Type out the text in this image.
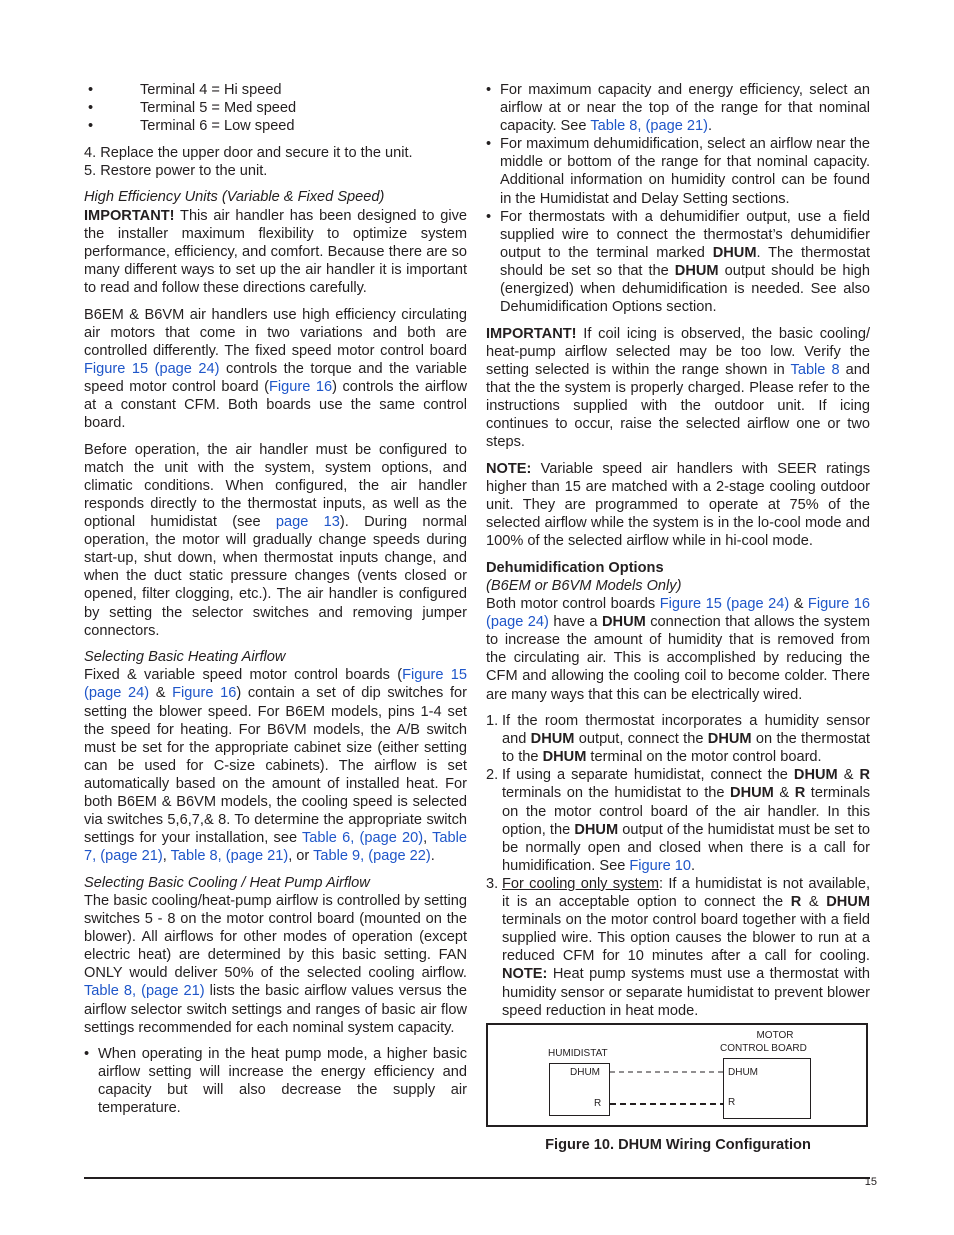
•	Terminal 4 = Hi speed
•	Terminal 5 = Med speed
•	Terminal 6 = Low speed
4. Replace the upper door and secure it to the unit.
5. Restore power to the unit.
High Efficiency Units (Variable & Fixed Speed)

IMPORTANT! This air handler has been designed to give the installer maximum flexibility to optimize system performance, efficiency, and comfort. Because there are so many different ways to set up the air handler it is important to read and follow these directions carefully.

B6EM & B6VM air handlers use high efficiency circulating air motors that come in two variations and both are controlled differently. The fixed speed motor control board Figure 15 (page 24) controls the torque and the variable speed motor control board (Figure 16) controls the airflow at a constant CFM. Both boards use the same control board.

Before operation, the air handler must be configured to match the unit with the system, system options, and climatic conditions. When configured, the air handler responds directly to the thermostat inputs, as well as the optional humidistat (see page 13). During normal operation, the motor will gradually change speeds during start-up, shut down, when thermostat inputs change, and when the duct static pressure changes (vents closed or opened, filter clogging, etc.). The air handler is configured by setting the selector switches and removing jumper connectors.

Selecting Basic Heating Airflow

Fixed & variable speed motor control boards (Figure 15 (page 24) & Figure 16) contain a set of dip switches for setting the blower speed. For B6EM models, pins 1-4 set the speed for heating. For B6VM models, the A/B switch must be set for the appropriate cabinet size (either setting can be used for C-size cabinets). The airflow is set automatically based on the amount of installed heat. For both B6EM & B6VM models, the cooling speed is selected via switches 5,6,7,& 8. To determine the appropriate switch settings for your installation, see Table 6, (page 20), Table 7, (page 21), Table 8, (page 21), or Table 9, (page 22).

Selecting Basic Cooling / Heat Pump Airflow

The basic cooling/heat-pump airflow is controlled by setting switches 5 - 8 on the motor control board (mounted on the blower). All airflows for other modes of operation (except electric heat) are determined by this basic setting. FAN ONLY would deliver 50% of the selected cooling airflow. Table 8, (page 21) lists the basic airflow values versus the airflow selector switch settings and ranges of basic air flow settings recommended for each nominal system capacity.

• When operating in the heat pump mode, a higher basic airflow setting will increase the energy efficiency and capacity but will also decrease the supply air temperature.
• For maximum capacity and energy efficiency, select an airflow at or near the top of the range for that nominal capacity. See Table 8, (page 21).
• For maximum dehumidification, select an airflow near the middle or bottom of the range for that nominal capacity. Additional information on humidity control can be found in the Humidistat and Delay Setting sections.
• For thermostats with a dehumidifier output, use a field supplied wire to connect the thermostat’s dehumidifier output to the terminal marked DHUM. The thermostat should be set so that the DHUM output should be high (energized) when dehumidification is needed. See also Dehumidification Options section.

IMPORTANT! If coil icing is observed, the basic cooling/ heat-pump airflow selected may be too low. Verify the setting selected is within the range shown in Table 8 and that the the system is properly charged. Please refer to the instructions supplied with the outdoor unit. If icing continues to occur, raise the selected airflow one or two steps.

NOTE: Variable speed air handlers with SEER ratings higher than 15 are matched with a 2-stage cooling outdoor unit. They are programmed to operate at 75% of the selected airflow while the system is in the lo-cool mode and 100% of the selected airflow while in hi-cool mode.

Dehumidification Options
(B6EM or B6VM Models Only)

Both motor control boards Figure 15 (page 24) & Figure 16 (page 24) have a DHUM connection that allows the system to increase the amount of humidity that is removed from the circulating air. This is accomplished by reducing the CFM and allowing the cooling coil to become colder. There are many ways that this can be electrically wired.

1. If the room thermostat incorporates a humidity sensor and DHUM output, connect the DHUM on the thermostat to the DHUM terminal on the motor control board.
2. If using a separate humidistat, connect the DHUM & R terminals on the humidistat to the DHUM & R terminals on the motor control board of the air handler. In this option, the DHUM output of the humidistat must be set to be normally open and closed when there is a call for humidification. See Figure 10.
3. For cooling only system: If a humidistat is not available, it is an acceptable option to connect the R & DHUM terminals on the motor control board together with a field supplied wire. This option causes the blower to run at a reduced CFM for 10 minutes after a call for cooling. NOTE: Heat pump systems must use a thermostat with humidity sensor or separate humidistat to prevent blower speed reduction in heat mode.
HUMIDISTAT
MOTOR
CONTROL BOARD
DHUM
R
DHUM
R
Figure 10. DHUM Wiring Configuration
15
